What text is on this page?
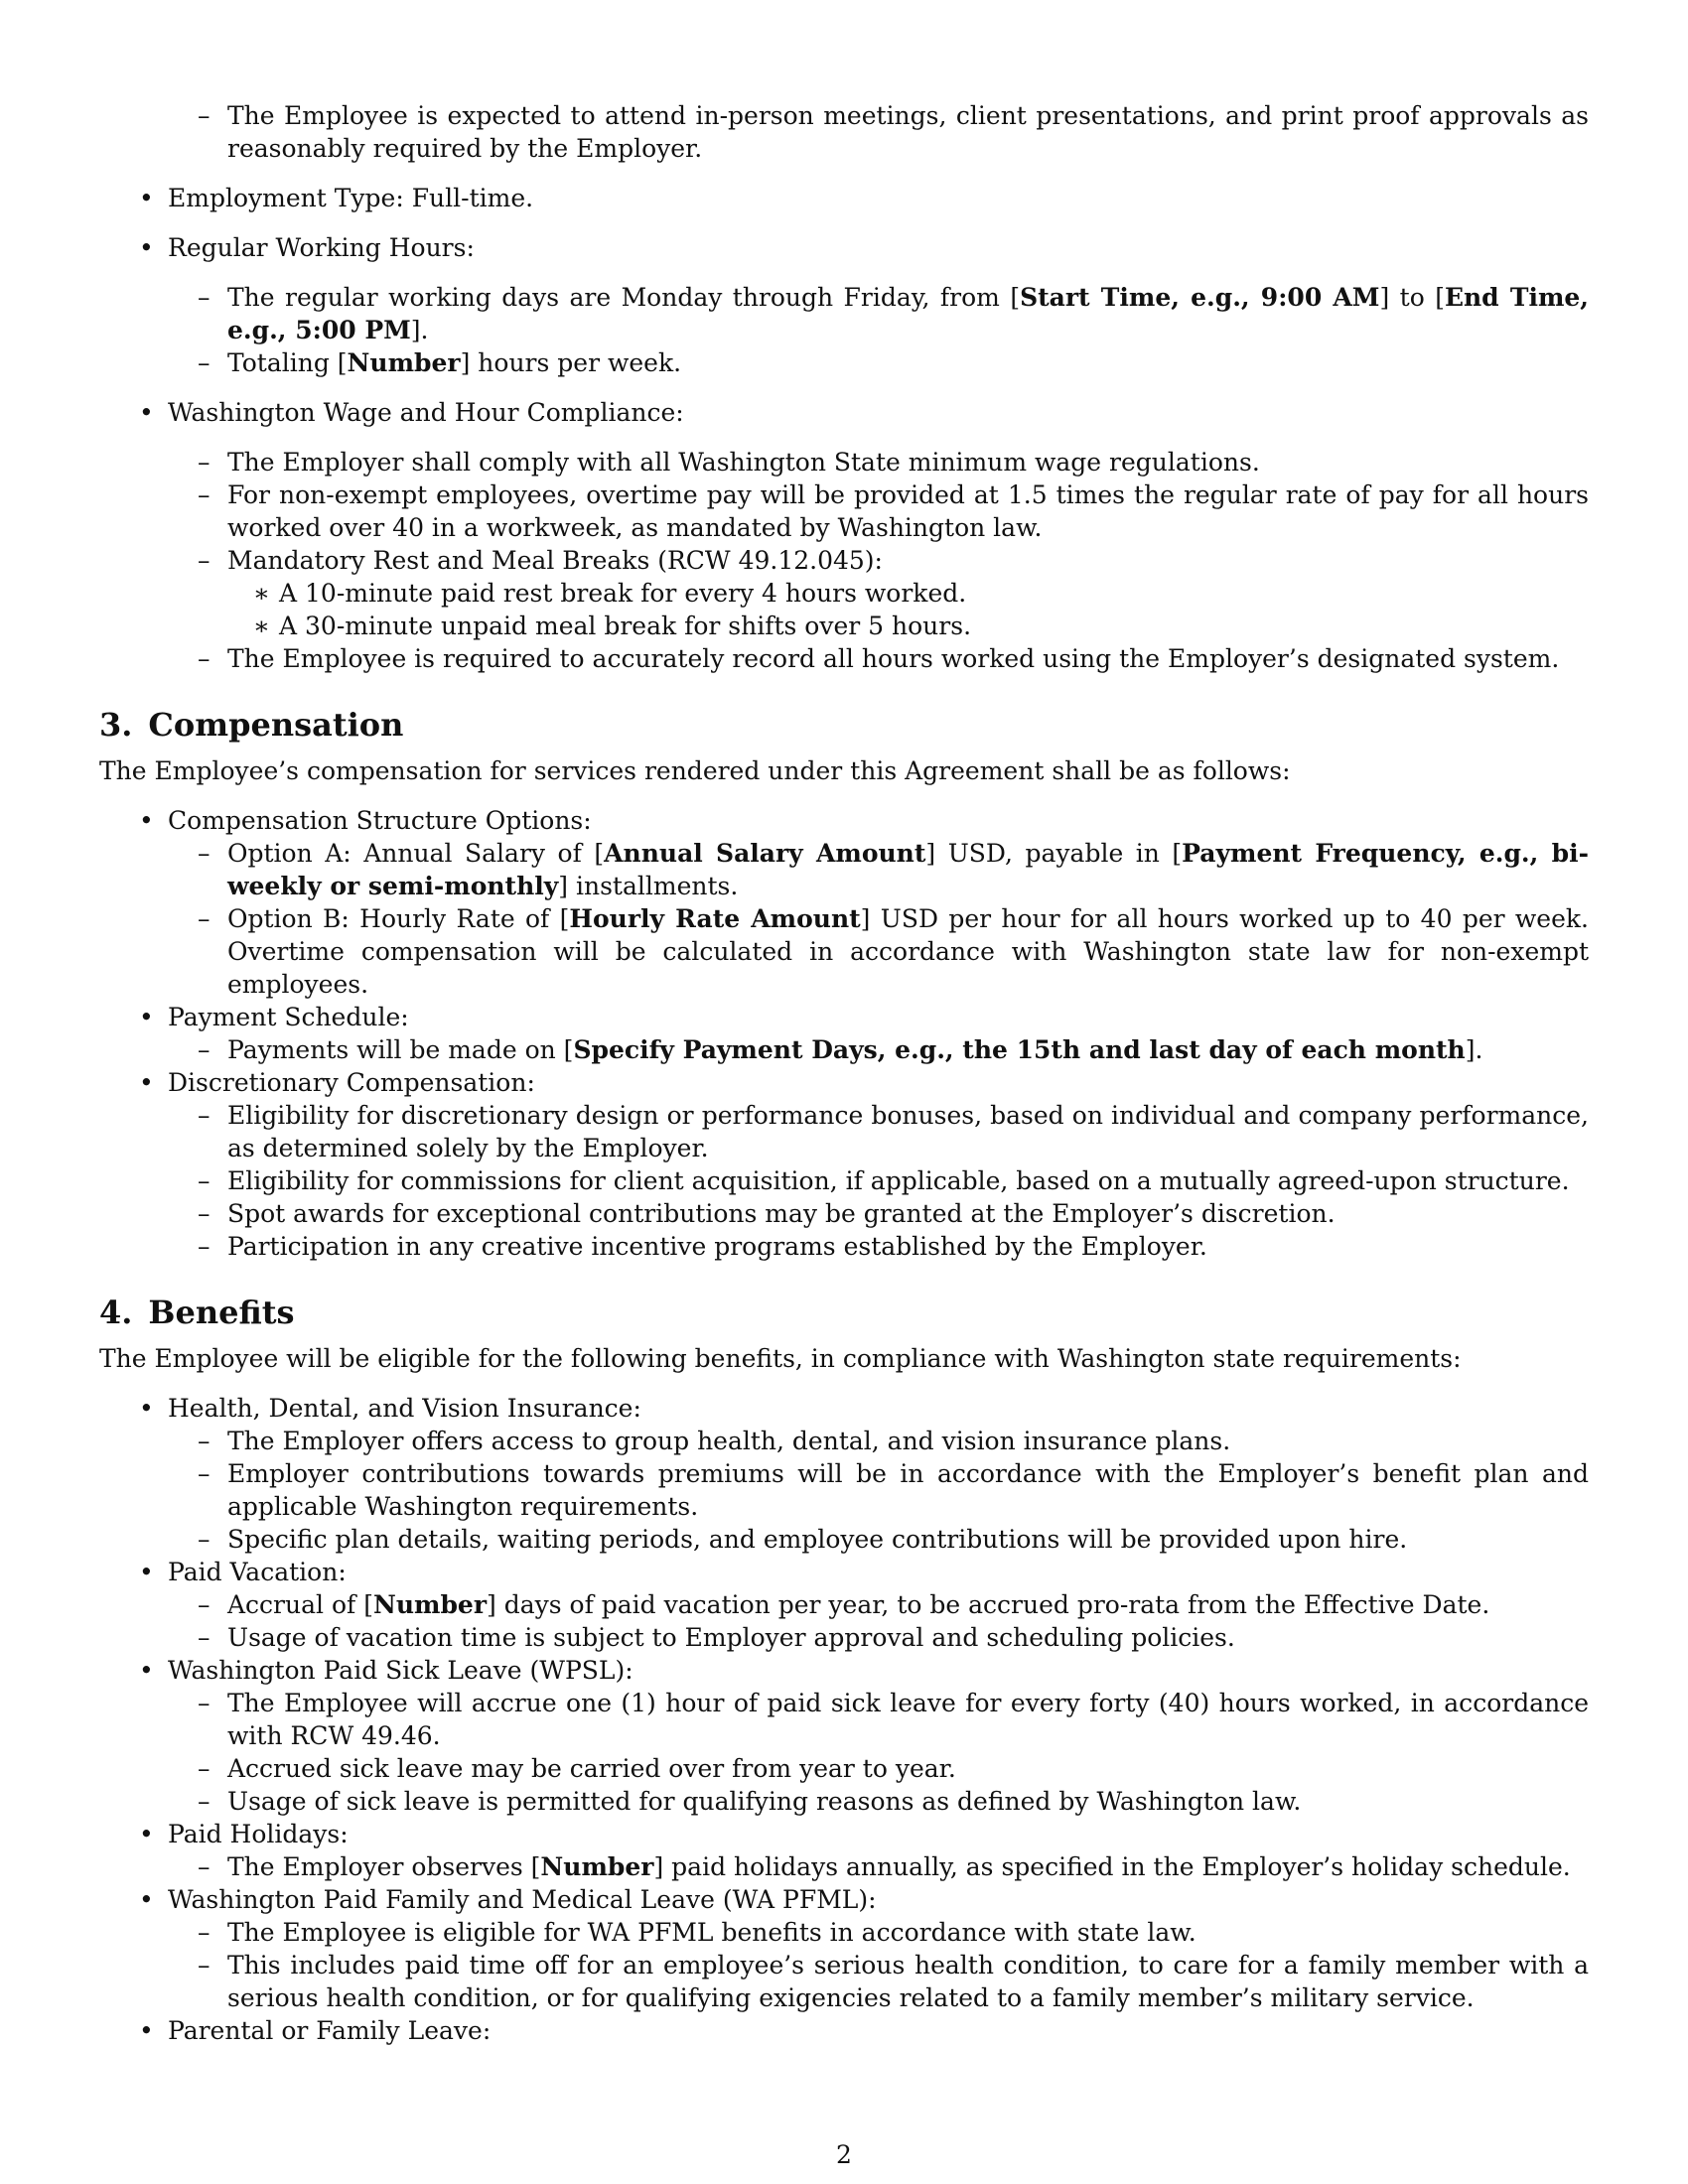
– The Employee is expected to attend in-person meetings, client presentations, and print proof approvals as reasonably required by the Employer.
• Employment Type: Full-time.
• Regular Working Hours:
– The regular working days are Monday through Friday, from [Start Time, e.g., 9:00 AM] to [End Time, e.g., 5:00 PM].
– Totaling [Number] hours per week.
• Washington Wage and Hour Compliance:
– The Employer shall comply with all Washington State minimum wage regulations.
– For non-exempt employees, overtime pay will be provided at 1.5 times the regular rate of pay for all hours worked over 40 in a workweek, as mandated by Washington law.
– Mandatory Rest and Meal Breaks (RCW 49.12.045):
∗ A 10-minute paid rest break for every 4 hours worked.
∗ A 30-minute unpaid meal break for shifts over 5 hours.
– The Employee is required to accurately record all hours worked using the Employer’s designated system.
3. Compensation

The Employee’s compensation for services rendered under this Agreement shall be as follows:

• Compensation Structure Options:
– Option A: Annual Salary of [Annual Salary Amount] USD, payable in [Payment Frequency, e.g., bi-weekly or semi-monthly] installments.
– Option B: Hourly Rate of [Hourly Rate Amount] USD per hour for all hours worked up to 40 per week. Overtime compensation will be calculated in accordance with Washington state law for non-exempt employees.
• Payment Schedule:
– Payments will be made on [Specify Payment Days, e.g., the 15th and last day of each month].
• Discretionary Compensation:
– Eligibility for discretionary design or performance bonuses, based on individual and company performance, as determined solely by the Employer.
– Eligibility for commissions for client acquisition, if applicable, based on a mutually agreed-upon structure.
– Spot awards for exceptional contributions may be granted at the Employer’s discretion.
– Participation in any creative incentive programs established by the Employer.
4. Benefits

The Employee will be eligible for the following benefits, in compliance with Washington state requirements:

• Health, Dental, and Vision Insurance:
– The Employer offers access to group health, dental, and vision insurance plans.
– Employer contributions towards premiums will be in accordance with the Employer’s benefit plan and applicable Washington requirements.
– Specific plan details, waiting periods, and employee contributions will be provided upon hire.
• Paid Vacation:
– Accrual of [Number] days of paid vacation per year, to be accrued pro-rata from the Effective Date.
– Usage of vacation time is subject to Employer approval and scheduling policies.
• Washington Paid Sick Leave (WPSL):
– The Employee will accrue one (1) hour of paid sick leave for every forty (40) hours worked, in accordance with RCW 49.46.
– Accrued sick leave may be carried over from year to year.
– Usage of sick leave is permitted for qualifying reasons as defined by Washington law.
• Paid Holidays:
– The Employer observes [Number] paid holidays annually, as specified in the Employer’s holiday schedule.
• Washington Paid Family and Medical Leave (WA PFML):
– The Employee is eligible for WA PFML benefits in accordance with state law.
– This includes paid time off for an employee’s serious health condition, to care for a family member with a serious health condition, or for qualifying exigencies related to a family member’s military service.
• Parental or Family Leave:
2
